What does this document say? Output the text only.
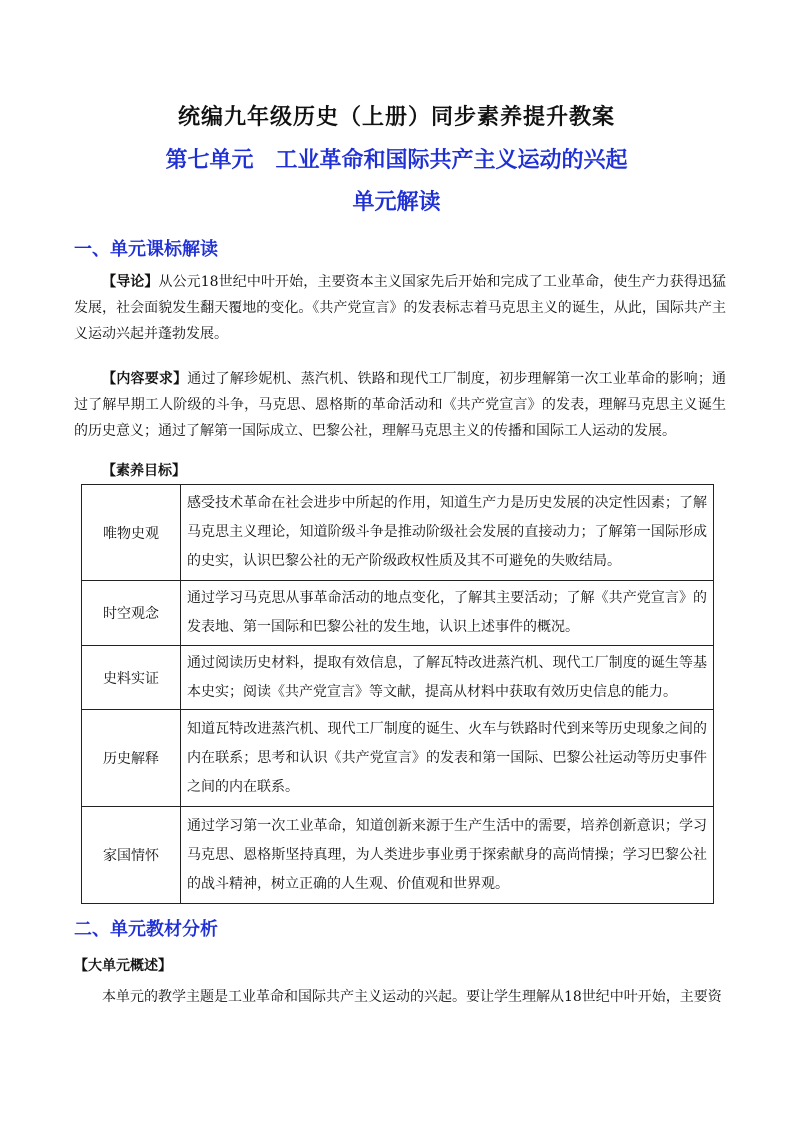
统编九年级历史（上册）同步素养提升教案
第七单元　工业革命和国际共产主义运动的兴起
单元解读
一、单元课标解读
【导论】从公元18世纪中叶开始，主要资本主义国家先后开始和完成了工业革命，使生产力获得迅猛发展，社会面貌发生翻天覆地的变化。《共产党宣言》的发表标志着马克思主义的诞生，从此，国际共产主义运动兴起并蓬勃发展。
【内容要求】通过了解珍妮机、蒸汽机、铁路和现代工厂制度，初步理解第一次工业革命的影响；通过了解早期工人阶级的斗争，马克思、恩格斯的革命活动和《共产党宣言》的发表，理解马克思主义诞生的历史意义；通过了解第一国际成立、巴黎公社，理解马克思主义的传播和国际工人运动的发展。
【素养目标】
唯物史观	感受技术革命在社会进步中所起的作用，知道生产力是历史发展的决定性因素；了解马克思主义理论，知道阶级斗争是推动阶级社会发展的直接动力；了解第一国际形成的史实，认识巴黎公社的无产阶级政权性质及其不可避免的失败结局。
时空观念	通过学习马克思从事革命活动的地点变化，了解其主要活动；了解《共产党宣言》的发表地、第一国际和巴黎公社的发生地，认识上述事件的概况。
史料实证	通过阅读历史材料，提取有效信息，了解瓦特改进蒸汽机、现代工厂制度的诞生等基本史实；阅读《共产党宣言》等文献，提高从材料中获取有效历史信息的能力。
历史解释	知道瓦特改进蒸汽机、现代工厂制度的诞生、火车与铁路时代到来等历史现象之间的内在联系；思考和认识《共产党宣言》的发表和第一国际、巴黎公社运动等历史事件之间的内在联系。
家国情怀	通过学习第一次工业革命，知道创新来源于生产生活中的需要，培养创新意识；学习马克思、恩格斯坚持真理，为人类进步事业勇于探索献身的高尚情操；学习巴黎公社的战斗精神，树立正确的人生观、价值观和世界观。
二、单元教材分析
【大单元概述】
本单元的教学主题是工业革命和国际共产主义运动的兴起。要让学生理解从18世纪中叶开始，主要资
